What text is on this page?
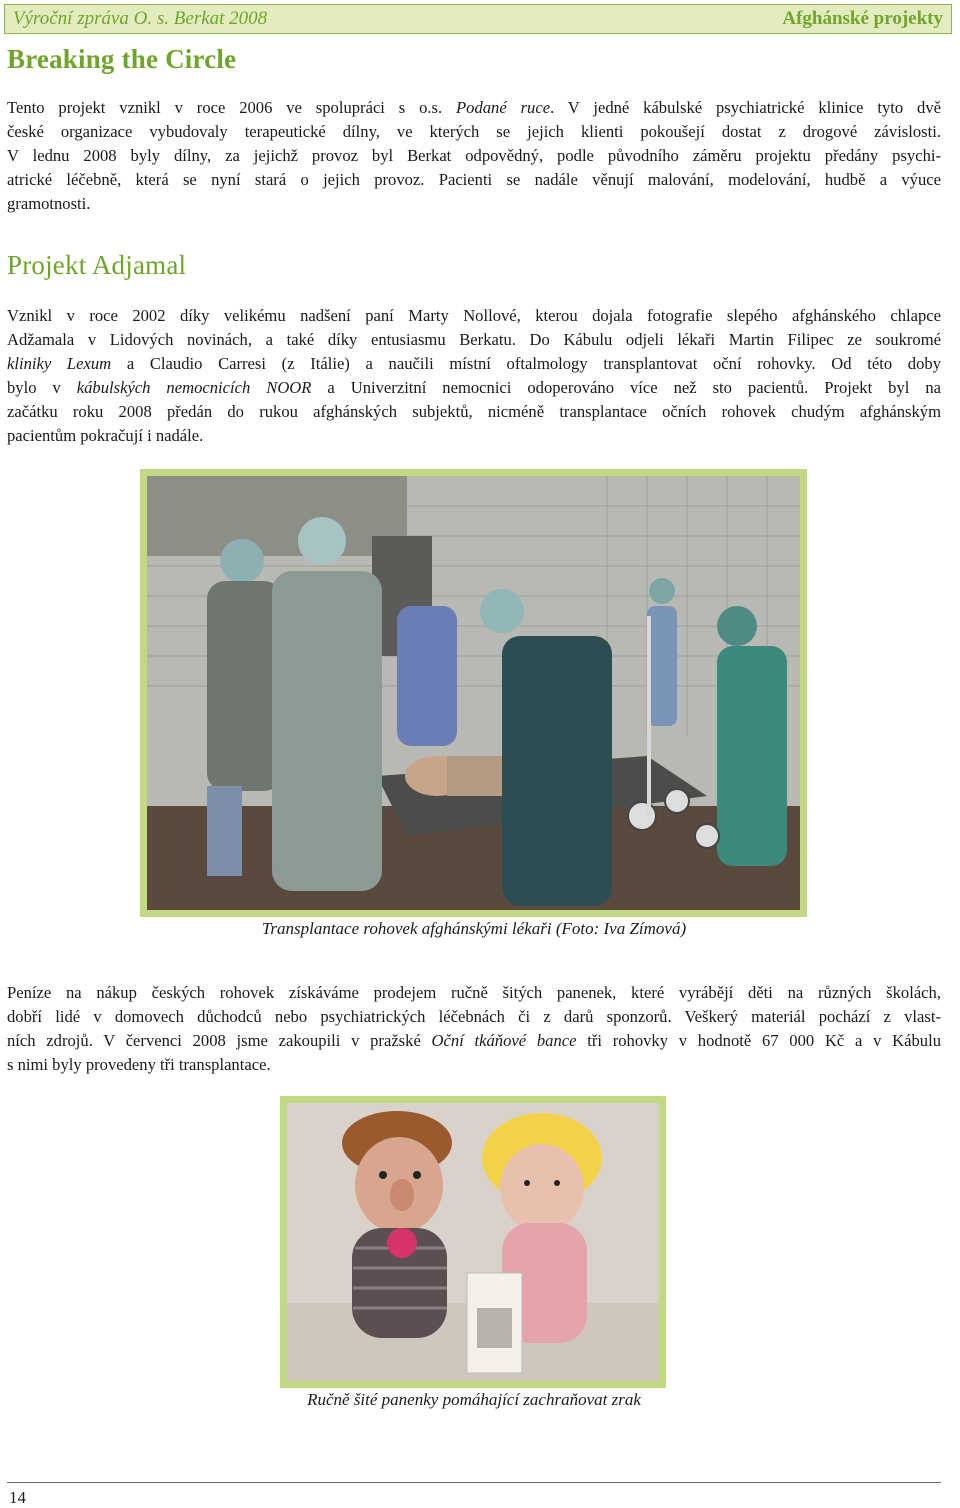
Výroční zpráva O. s. Berkat 2008	Afghánské projekty
Breaking the Circle

Tento projekt vznikl v roce 2006 ve spolupráci s o.s. Podané ruce. V jedné kábulské psychiatrické klinice tyto dvě
české organizace vybudovaly terapeutické dílny, ve kterých se jejich klienti pokoušejí dostat z drogové závislosti.
V lednu 2008 byly dílny, za jejichž provoz byl Berkat odpovědný, podle původního záměru projektu předány psychi-
atrické léčebně, která se nyní stará o jejich provoz. Pacienti se nadále věnují malování, modelování, hudbě a výuce
gramotnosti.

Projekt Adjamal

Vznikl v roce 2002 díky velikému nadšení paní Marty Nollové, kterou dojala fotografie slepého afghánského chlapce
Adžamala v Lidových novinách, a také díky entusiasmu Berkatu. Do Kábulu odjeli lékaři Martin Filipec ze soukromé
kliniky Lexum a Claudio Carresi (z Itálie) a naučili místní oftalmology transplantovat oční rohovky. Od této doby
bylo v kábulských nemocnicích NOOR a Univerzitní nemocnici odoperováno více než sto pacientů. Projekt byl na
začátku roku 2008 předán do rukou afghánských subjektů, nicméně transplantace očních rohovek chudým afghánským
pacientům pokračují i nadále.

Transplantace rohovek afghánskými lékaři (Foto: Iva Zímová)

Peníze na nákup českých rohovek získáváme prodejem ručně šitých panenek, které vyrábějí děti na různých školách,
dobří lidé v domovech důchodců nebo psychiatrických léčebnách či z darů sponzorů. Veškerý materiál pochází z vlast-
ních zdrojů. V červenci 2008 jsme zakoupili v pražské Oční tkáňové bance tři rohovky v hodnotě 67 000 Kč a v Kábulu
s nimi byly provedeny tři transplantace.

Ručně šité panenky pomáhající zachraňovat zrak
14
